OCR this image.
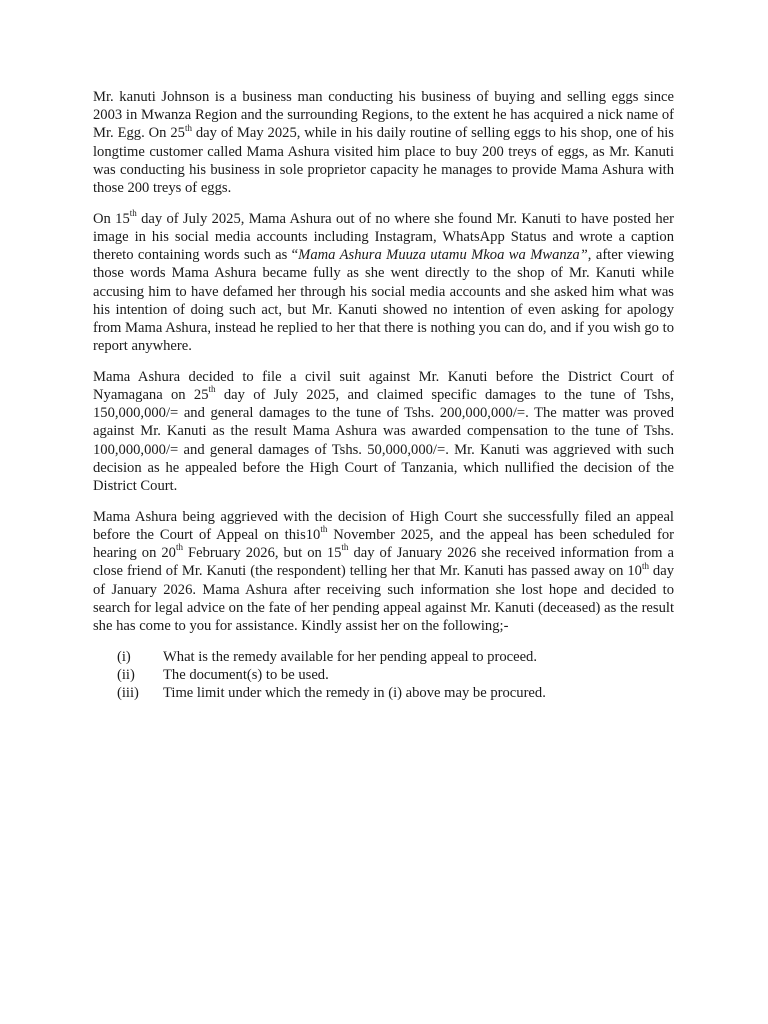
Mr. kanuti Johnson is a business man conducting his business of buying and selling eggs since 2003 in Mwanza Region and the surrounding Regions, to the extent he has acquired a nick name of Mr. Egg. On 25th day of May 2025, while in his daily routine of selling eggs to his shop, one of his longtime customer called Mama Ashura visited him place to buy 200 treys of eggs, as Mr. Kanuti was conducting his business in sole proprietor capacity he manages to provide Mama Ashura with those 200 treys of eggs.

On 15th day of July 2025, Mama Ashura out of no where she found Mr. Kanuti to have posted her image in his social media accounts including Instagram, WhatsApp Status and wrote a caption thereto containing words such as “Mama Ashura Muuza utamu Mkoa wa Mwanza”, after viewing those words Mama Ashura became fully as she went directly to the shop of Mr. Kanuti while accusing him to have defamed her through his social media accounts and she asked him what was his intention of doing such act, but Mr. Kanuti showed no intention of even asking for apology from Mama Ashura, instead he replied to her that there is nothing you can do, and if you wish go to report anywhere.

Mama Ashura decided to file a civil suit against Mr. Kanuti before the District Court of Nyamagana on 25th day of July 2025, and claimed specific damages to the tune of Tshs, 150,000,000/= and general damages to the tune of Tshs. 200,000,000/=. The matter was proved against Mr. Kanuti as the result Mama Ashura was awarded compensation to the tune of Tshs. 100,000,000/= and general damages of Tshs. 50,000,000/=. Mr. Kanuti was aggrieved with such decision as he appealed before the High Court of Tanzania, which nullified the decision of the District Court.

Mama Ashura being aggrieved with the decision of High Court she successfully filed an appeal before the Court of Appeal on this10th November 2025, and the appeal has been scheduled for hearing on 20th February 2026, but on 15th day of January 2026 she received information from a close friend of Mr. Kanuti (the respondent) telling her that Mr. Kanuti has passed away on 10th day of January 2026. Mama Ashura after receiving such information she lost hope and decided to search for legal advice on the fate of her pending appeal against Mr. Kanuti (deceased) as the result she has come to you for assistance. Kindly assist her on the following;-

(i)	What is the remedy available for her pending appeal to proceed.
(ii)	The document(s) to be used.
(iii)	Time limit under which the remedy in (i) above may be procured.
